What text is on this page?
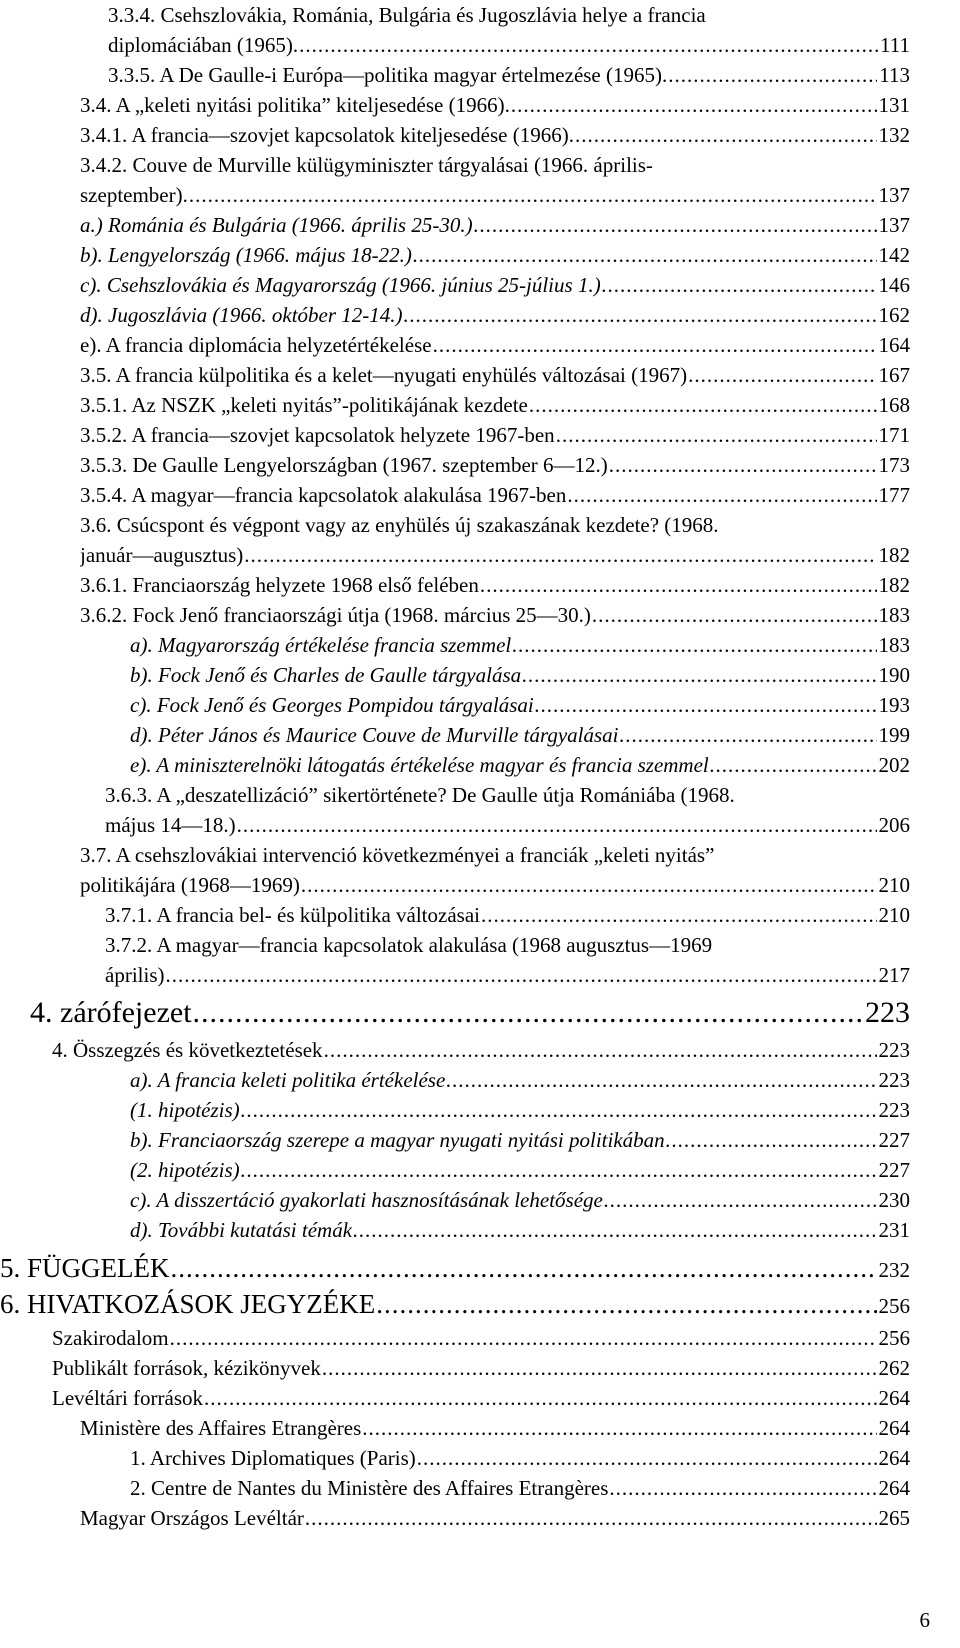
3.3.4. Csehszlovákia, Románia, Bulgária és Jugoszlávia helye a francia
diplomáciában (1965). .....	111
3.3.5. A De Gaulle-i Európa—politika magyar értelmezése (1965). .....	113
3.4. A „keleti nyitási politika” kiteljesedése (1966). .....	131
3.4.1. A francia—szovjet kapcsolatok kiteljesedése (1966). .....	132
3.4.2. Couve de Murville külügyminiszter tárgyalásai (1966. április-
szeptember). .....	137
a.) Románia és Bulgária (1966. április 25-30.) .....	137
b). Lengyelország (1966. május 18-22.) .....	142
c). Csehszlovákia és Magyarország (1966. június 25-július 1.) .....	146
d). Jugoszlávia (1966. október 12-14.) .....	162
e). A francia diplomácia helyzetértékelése .....	164
3.5. A francia külpolitika és a kelet—nyugati enyhülés változásai (1967) .....	167
3.5.1. Az NSZK „keleti nyitás”-politikájának kezdete .....	168
3.5.2. A francia—szovjet kapcsolatok helyzete 1967-ben .....	171
3.5.3. De Gaulle Lengyelországban (1967. szeptember 6—12.) .....	173
3.5.4. A magyar—francia kapcsolatok alakulása 1967-ben .....	177
3.6. Csúcspont és végpont vagy az enyhülés új szakaszának kezdete? (1968.
január—augusztus) .....	182
3.6.1. Franciaország helyzete 1968 első felében .....	182
3.6.2. Fock Jenő franciaországi útja (1968. március 25—30.) .....	183
a). Magyarország értékelése francia szemmel .....	183
b). Fock Jenő és Charles de Gaulle tárgyalása .....	190
c). Fock Jenő és Georges Pompidou tárgyalásai .....	193
d). Péter János és Maurice Couve de Murville tárgyalásai .....	199
e). A miniszterelnöki látogatás értékelése magyar és francia szemmel .....	202
3.6.3. A „deszatellizáció” sikertörténete? De Gaulle útja Romániába (1968.
május 14—18.) .....	206
3.7. A csehszlovákiai intervenció következményei a franciák „keleti nyitás”
politikájára (1968—1969) .....	210
3.7.1. A francia bel- és külpolitika változásai .....	210
3.7.2. A magyar—francia kapcsolatok alakulása (1968 augusztus—1969
április) .....	217
4. zárófejezet .....	223
4. Összegzés és következtetések .....	223
a). A francia keleti politika értékelése .....	223
(1. hipotézis) .....	223
b). Franciaország szerepe a magyar nyugati nyitási politikában .....	227
(2. hipotézis) .....	227
c). A disszertáció gyakorlati hasznosításának lehetősége .....	230
d). További kutatási témák .....	231
5. FÜGGELÉK .....	232
6. HIVATKOZÁSOK JEGYZÉKE .....	256
Szakirodalom .....	256
Publikált források, kézikönyvek .....	262
Levéltári források .....	264
Ministère des Affaires Etrangères .....	264
1. Archives Diplomatiques (Paris) .....	264
2. Centre de Nantes du Ministère des Affaires Etrangères .....	264
Magyar Országos Levéltár .....	265
6
